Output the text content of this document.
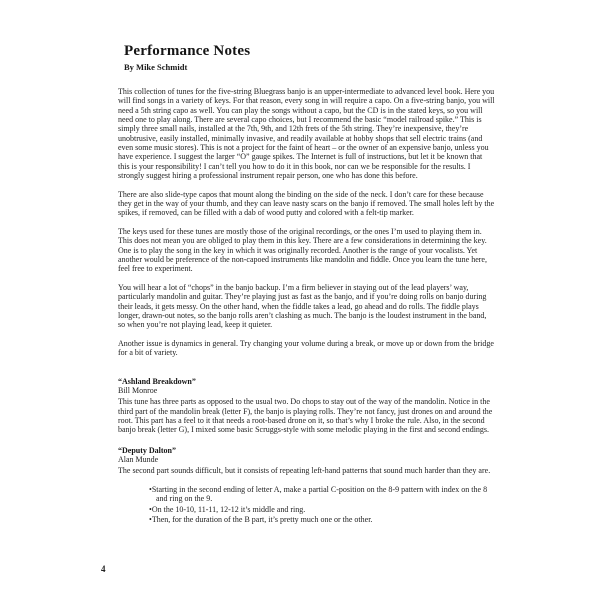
Performance Notes
By Mike Schmidt

This collection of tunes for the five-string Bluegrass banjo is an upper-intermediate to advanced level book. Here you will find songs in a variety of keys. For that reason, every song in will require a capo. On a five-string banjo, you will need a 5th string capo as well. You can play the songs without a capo, but the CD is in the stated keys, so you will need one to play along. There are several capo choices, but I recommend the basic “model railroad spike.” This is simply three small nails, installed at the 7th, 9th, and 12th frets of the 5th string. They’re inexpensive, they’re unobtrusive, easily installed, minimally invasive, and readily available at hobby shops that sell electric trains (and even some music stores). This is not a project for the faint of heart – or the owner of an expensive banjo, unless you have experience. I suggest the larger “O” gauge spikes. The Internet is full of instructions, but let it be known that this is your responsibility! I can’t tell you how to do it in this book, nor can we be responsible for the results. I strongly suggest hiring a professional instrument repair person, one who has done this before.

There are also slide-type capos that mount along the binding on the side of the neck. I don’t care for these because they get in the way of your thumb, and they can leave nasty scars on the banjo if removed. The small holes left by the spikes, if removed, can be filled with a dab of wood putty and colored with a felt-tip marker.

The keys used for these tunes are mostly those of the original recordings, or the ones I’m used to playing them in. This does not mean you are obliged to play them in this key. There are a few considerations in determining the key. One is to play the song in the key in which it was originally recorded. Another is the range of your vocalists. Yet another would be preference of the non-capoed instruments like mandolin and fiddle. Once you learn the tune here, feel free to experiment.

You will hear a lot of “chops” in the banjo backup. I’m a firm believer in staying out of the lead players’ way, particularly mandolin and guitar. They’re playing just as fast as the banjo, and if you’re doing rolls on banjo during their leads, it gets messy. On the other hand, when the fiddle takes a lead, go ahead and do rolls. The fiddle plays longer, drawn-out notes, so the banjo rolls aren’t clashing as much. The banjo is the loudest instrument in the band, so when you’re not playing lead, keep it quieter.

Another issue is dynamics in general. Try changing your volume during a break, or move up or down from the bridge for a bit of variety.

“Ashland Breakdown”
Bill Monroe

This tune has three parts as opposed to the usual two. Do chops to stay out of the way of the mandolin. Notice in the third part of the mandolin break (letter F), the banjo is playing rolls. They’re not fancy, just drones on and around the root. This part has a feel to it that needs a root-based drone on it, so that’s why I broke the rule. Also, in the second banjo break (letter G), I mixed some basic Scruggs-style with some melodic playing in the first and second endings.

“Deputy Dalton”
Alan Munde

The second part sounds difficult, but it consists of repeating left-hand patterns that sound much harder than they are.

• Starting in the second ending of letter A, make a partial C-position on the 8-9 pattern with index on the 8 and ring on the 9.
• On the 10-10, 11-11, 12-12 it’s middle and ring.
• Then, for the duration of the B part, it’s pretty much one or the other.
4
